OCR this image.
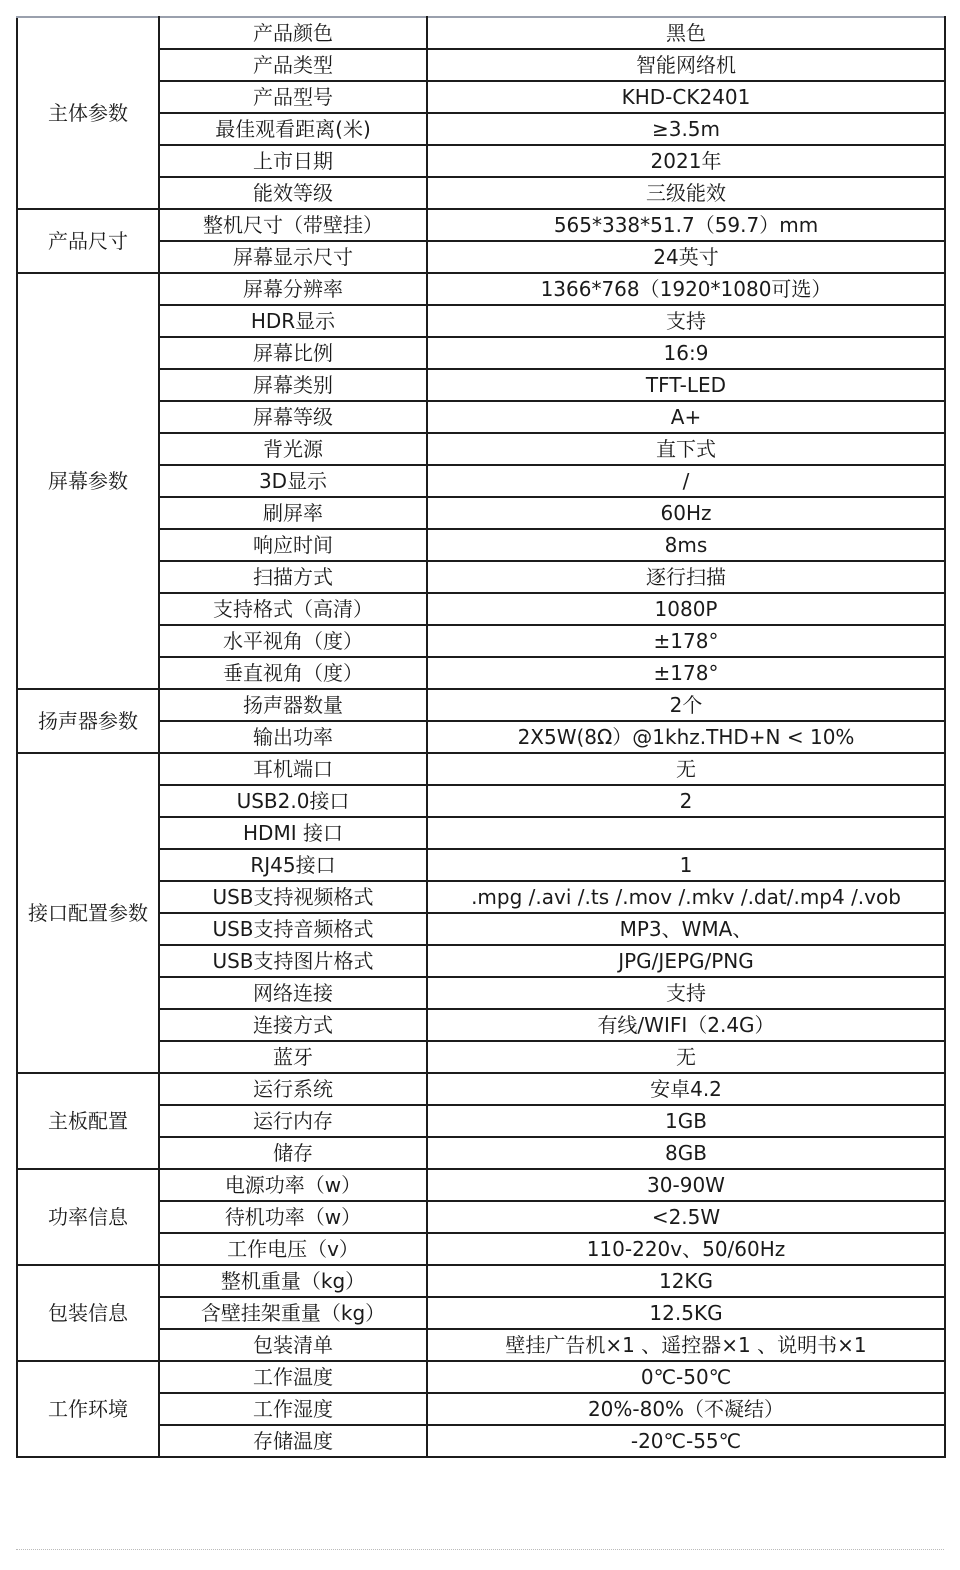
主体参数	产品颜色	黑色
	产品类型	智能网络机
	产品型号	KHD-CK2401
	最佳观看距离(米)	≥3.5m
	上市日期	2021年
	能效等级	三级能效
产品尺寸	整机尺寸（带壁挂）	565*338*51.7（59.7）mm
	屏幕显示尺寸	24英寸
屏幕参数	屏幕分辨率	1366*768（1920*1080可选）
	HDR显示	支持
	屏幕比例	16:9
	屏幕类别	TFT-LED
	屏幕等级	A+
	背光源	直下式
	3D显示	/
	刷屏率	60Hz
	响应时间	8ms
	扫描方式	逐行扫描
	支持格式（高清）	1080P
	水平视角（度）	±178°
	垂直视角（度）	±178°
扬声器参数	扬声器数量	2个
	输出功率	2X5W(8Ω）@1khz.THD+N < 10%
接口配置参数	耳机端口	无
	USB2.0接口	2
	HDMI 接口	
	RJ45接口	1
	USB支持视频格式	.mpg /.avi /.ts /.mov /.mkv /.dat/.mp4 /.vob
	USB支持音频格式	MP3、WMA、
	USB支持图片格式	JPG/JEPG/PNG
	网络连接	支持
	连接方式	有线/WIFI（2.4G）
	蓝牙	无
主板配置	运行系统	安卓4.2
	运行内存	1GB
	储存	8GB
功率信息	电源功率（w）	30-90W
	待机功率（w）	<2.5W
	工作电压（v）	110-220v、50/60Hz
包装信息	整机重量（kg）	12KG
	含壁挂架重量（kg）	12.5KG
	包装清单	壁挂广告机×1 、遥控器×1 、说明书×1
工作环境	工作温度	0℃-50℃
	工作湿度	20%-80%（不凝结）
	存储温度	-20℃-55℃
